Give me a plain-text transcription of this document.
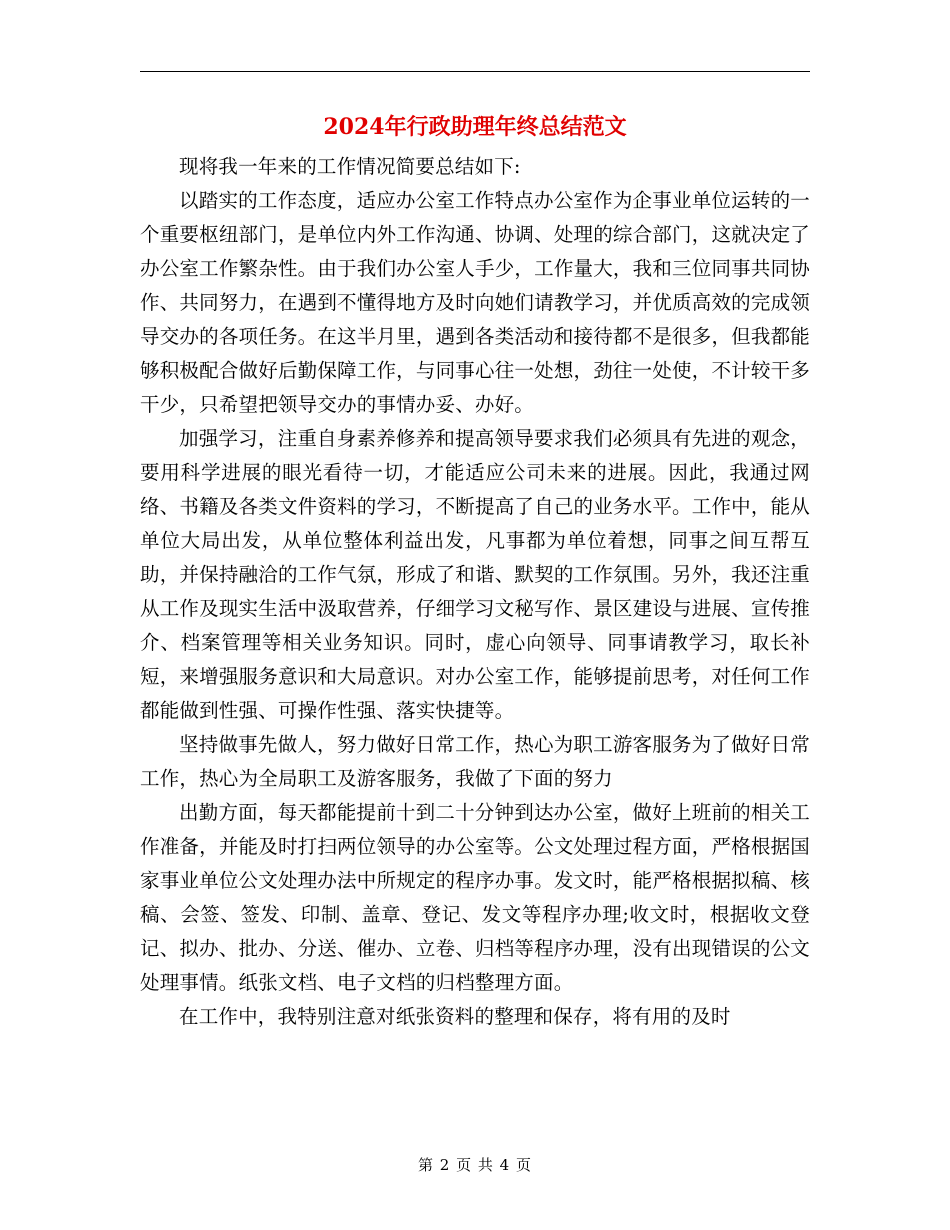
2024年行政助理年终总结范文

现将我一年来的工作情况简要总结如下:

以踏实的工作态度，适应办公室工作特点办公室作为企事业单位运转的一个重要枢纽部门，是单位内外工作沟通、协调、处理的综合部门，这就决定了办公室工作繁杂性。由于我们办公室人手少，工作量大，我和三位同事共同协作、共同努力，在遇到不懂得地方及时向她们请教学习，并优质高效的完成领导交办的各项任务。在这半月里，遇到各类活动和接待都不是很多，但我都能够积极配合做好后勤保障工作，与同事心往一处想，劲往一处使，不计较干多干少，只希望把领导交办的事情办妥、办好。

加强学习，注重自身素养修养和提高领导要求我们必须具有先进的观念，要用科学进展的眼光看待一切，才能适应公司未来的进展。因此，我通过网络、书籍及各类文件资料的学习，不断提高了自己的业务水平。工作中，能从单位大局出发，从单位整体利益出发，凡事都为单位着想，同事之间互帮互助，并保持融洽的工作气氛，形成了和谐、默契的工作氛围。另外，我还注重从工作及现实生活中汲取营养，仔细学习文秘写作、景区建设与进展、宣传推介、档案管理等相关业务知识。同时，虚心向领导、同事请教学习，取长补短，来增强服务意识和大局意识。对办公室工作，能够提前思考，对任何工作都能做到性强、可操作性强、落实快捷等。

坚持做事先做人，努力做好日常工作，热心为职工游客服务为了做好日常工作，热心为全局职工及游客服务，我做了下面的努力

出勤方面，每天都能提前十到二十分钟到达办公室，做好上班前的相关工作准备，并能及时打扫两位领导的办公室等。公文处理过程方面，严格根据国家事业单位公文处理办法中所规定的程序办事。发文时，能严格根据拟稿、核稿、会签、签发、印制、盖章、登记、发文等程序办理;收文时，根据收文登记、拟办、批办、分送、催办、立卷、归档等程序办理，没有出现错误的公文处理事情。纸张文档、电子文档的归档整理方面。

在工作中，我特别注意对纸张资料的整理和保存，将有用的及时

第 2 页 共 4 页
